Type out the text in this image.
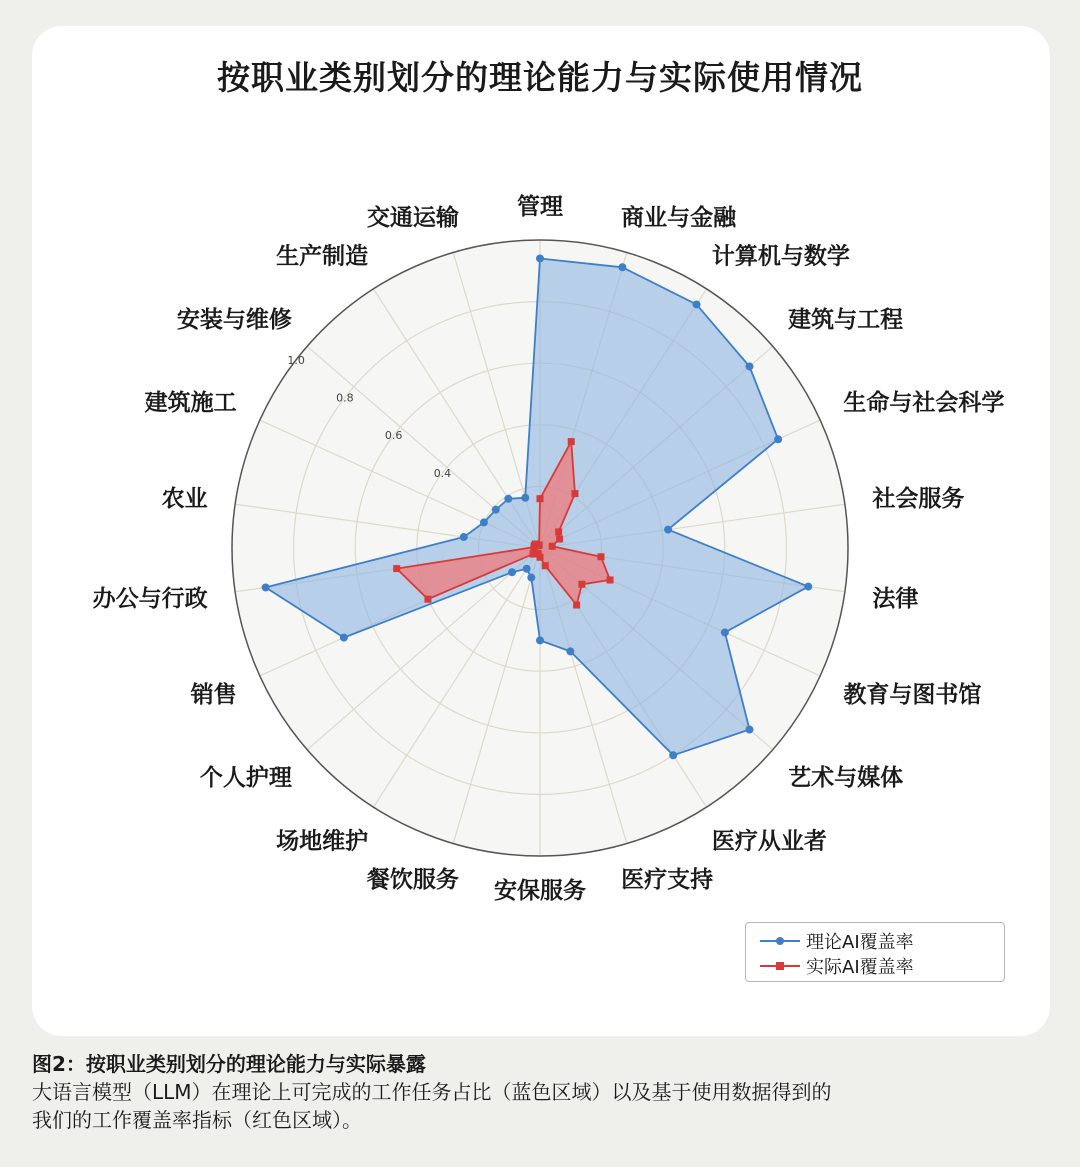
按职业类别划分的理论能力与实际使用情况
0.4
0.6
0.8
1.0
管理	商业与金融
计算机与数学
建筑与工程
生命与社会科学
社会服务
法律
教育与图书馆
艺术与媒体
医疗从业者
医疗支持
安保服务
餐饮服务
场地维护
个人护理
销售
办公与行政
农业
建筑施工
安装与维修
生产制造
交通运输
理论AI覆盖率
实际AI覆盖率
图2：按职业类别划分的理论能力与实际暴露
大语言模型（LLM）在理论上可完成的工作任务占比（蓝色区域）以及基于使用数据得到的
我们的工作覆盖率指标（红色区域）。
